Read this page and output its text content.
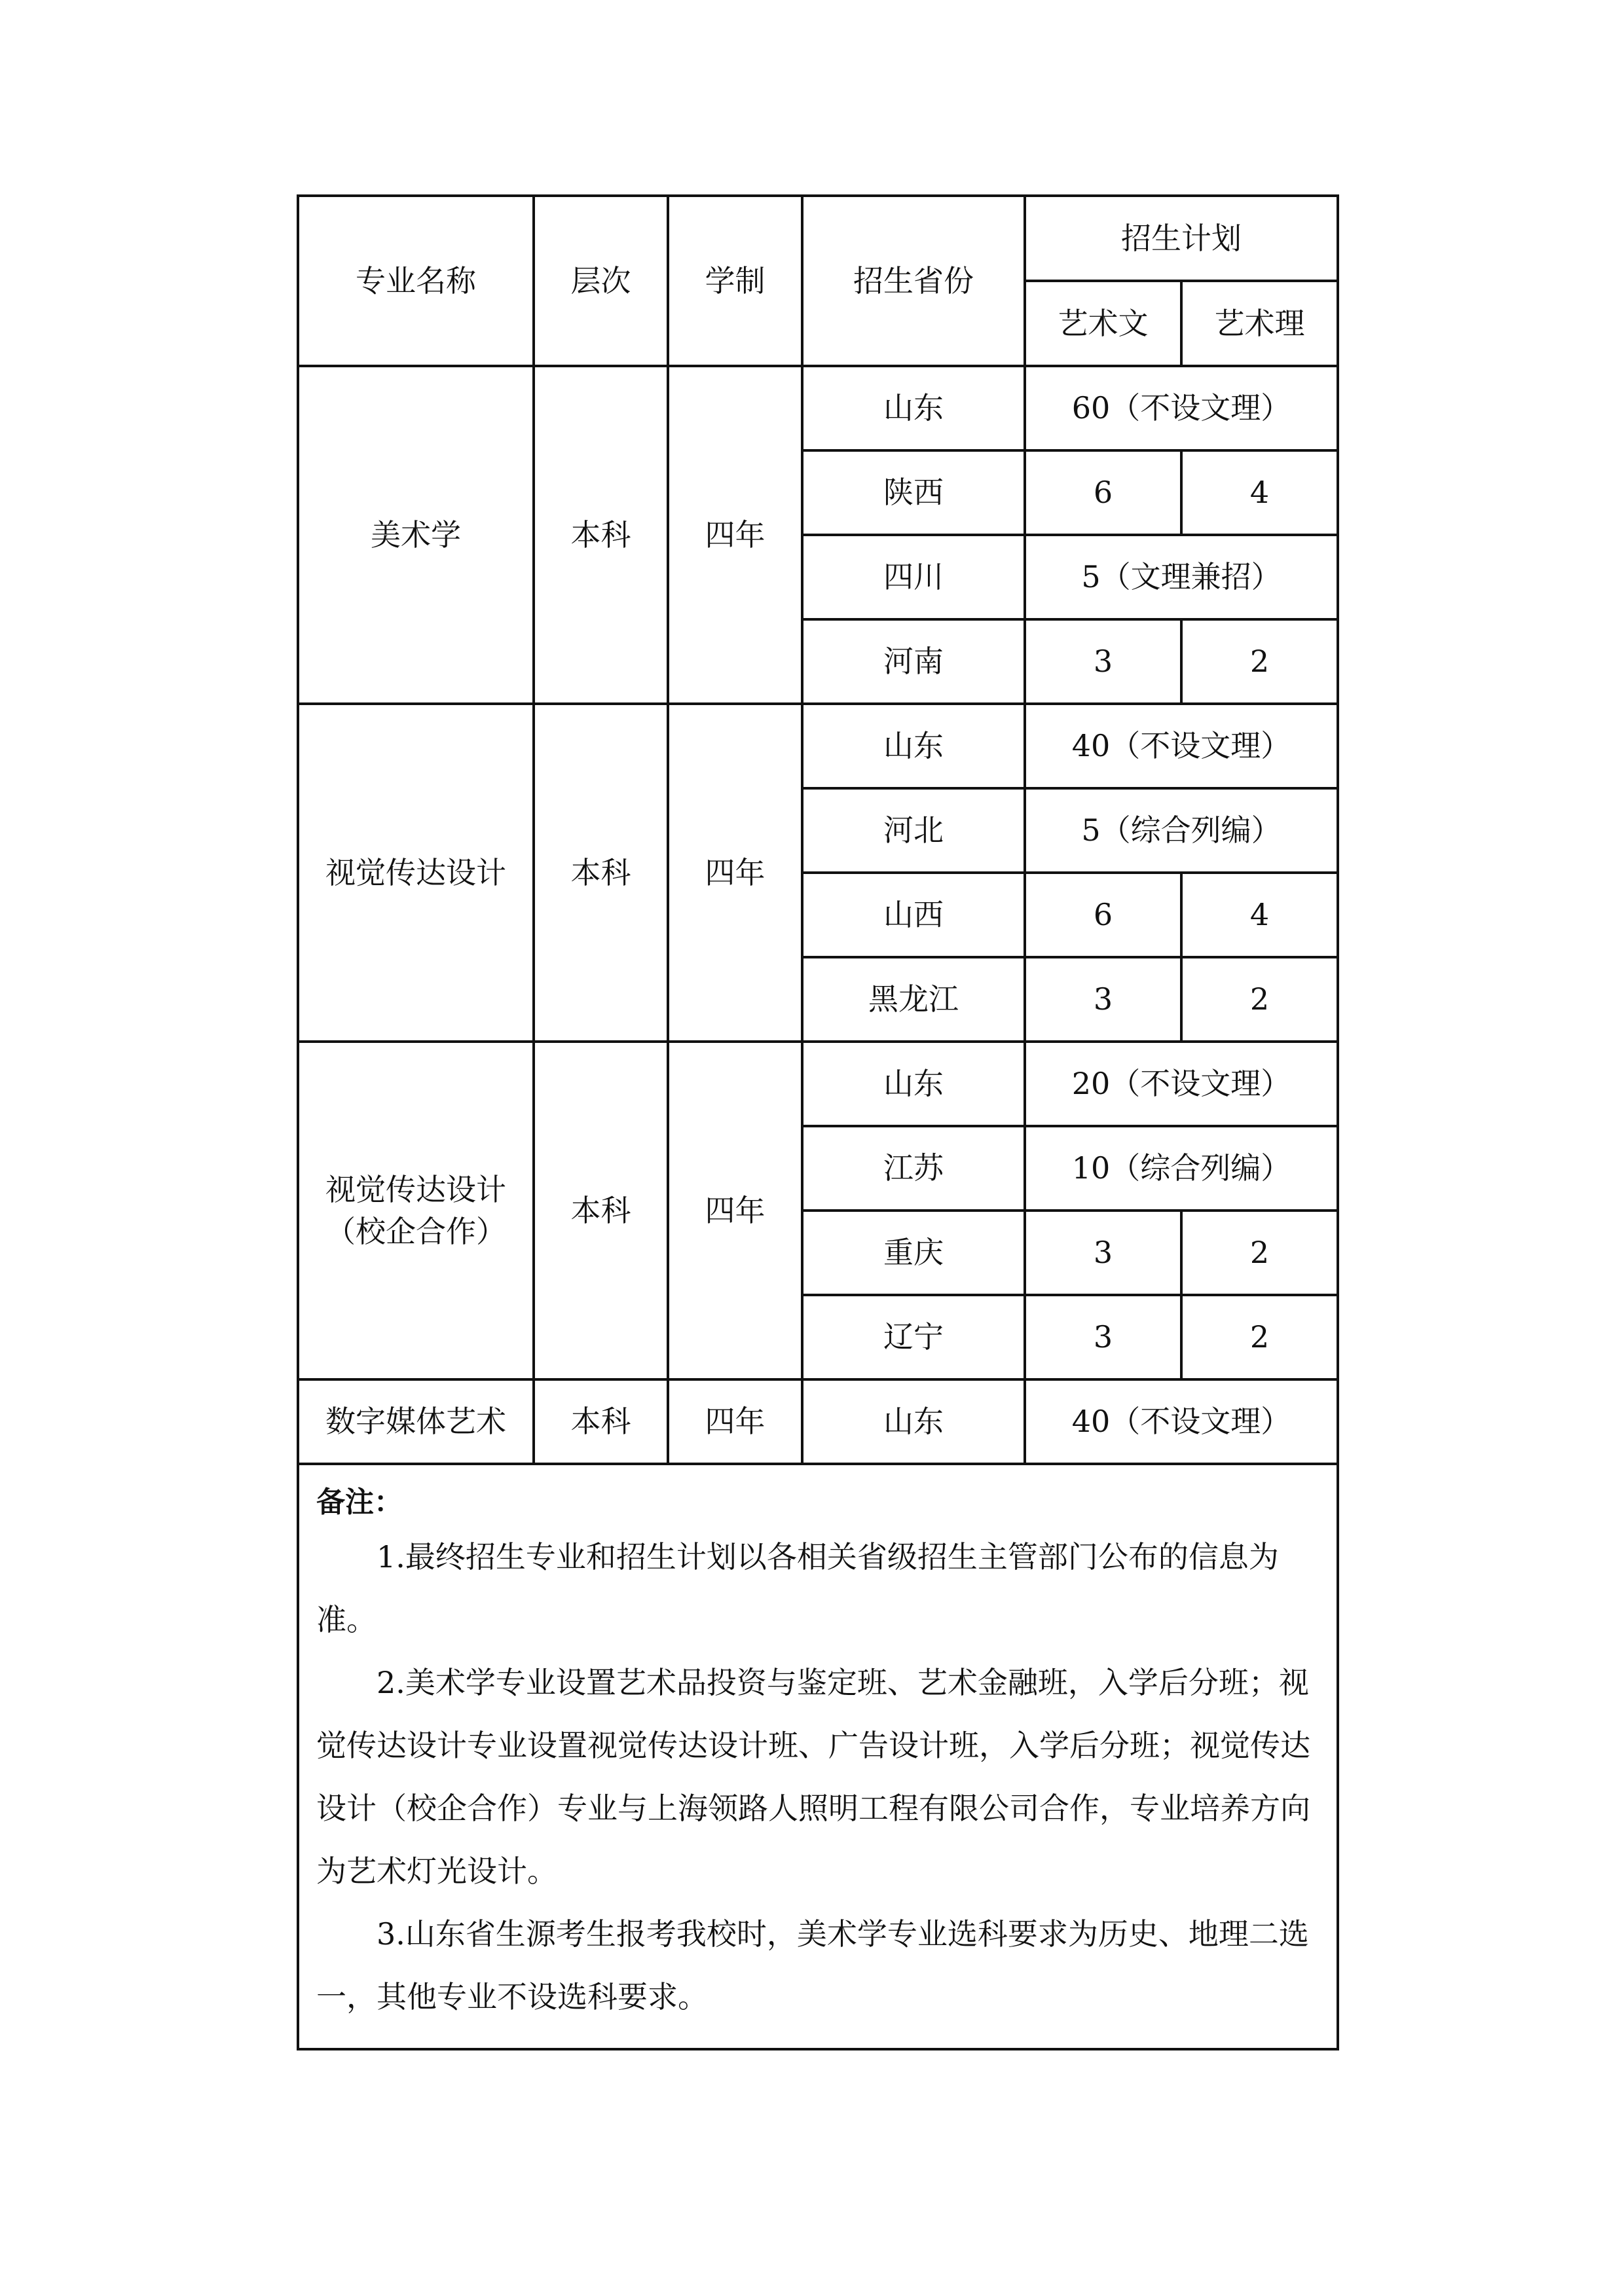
专业名称	层次	学制	招生省份	招生计划	
				艺术文	艺术理

美术学	本科	四年	山东	60（不设文理）	
			陕西	6	4
			四川	5（文理兼招）	
			河南	3	2

视觉传达设计	本科	四年	山东	40（不设文理）	
			河北	5（综合列编）	
			山西	6	4
			黑龙江	3	2

视觉传达设计
（校企合作）	本科	四年	山东	20（不设文理）	
			江苏	10（综合列编）	
			重庆	3	2
			辽宁	3	2

数字媒体艺术	本科	四年	山东	40（不设文理）	

备注：

1.最终招生专业和招生计划以各相关省级招生主管部门公布的信息为准。

2.美术学专业设置艺术品投资与鉴定班、艺术金融班，入学后分班；视觉传达设计专业设置视觉传达设计班、广告设计班，入学后分班；视觉传达设计（校企合作）专业与上海领路人照明工程有限公司合作，专业培养方向为艺术灯光设计。

3.山东省生源考生报考我校时，美术学专业选科要求为历史、地理二选一，其他专业不设选科要求。					
